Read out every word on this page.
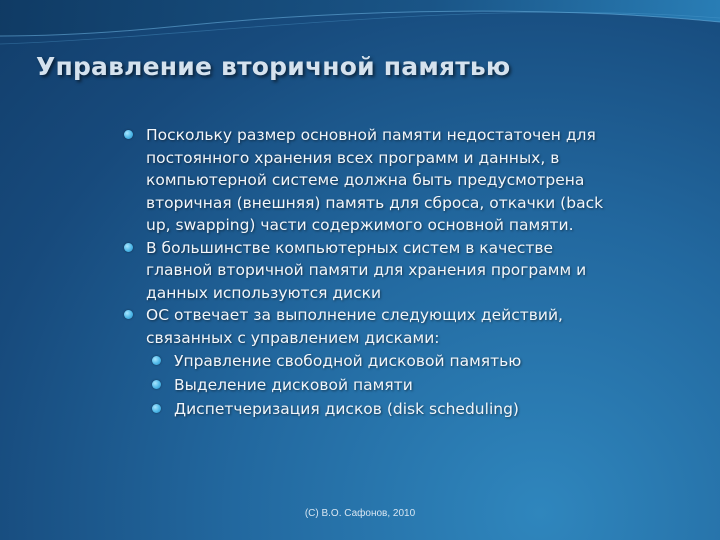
Управление вторичной памятью
Поскольку размер основной памяти недостаточен для постоянного хранения всех программ и данных, в компьютерной системе должна быть предусмотрена вторичная (внешняя) память для сброса, откачки (back up, swapping) части содержимого основной памяти.
В большинстве компьютерных систем в качестве главной вторичной памяти для хранения программ и данных используются диски
ОС отвечает за выполнение следующих действий, связанных с управлением дисками:
Управление свободной дисковой памятью
Выделение дисковой памяти
Диспетчеризация дисков (disk scheduling)
(C) В.О. Сафонов, 2010
